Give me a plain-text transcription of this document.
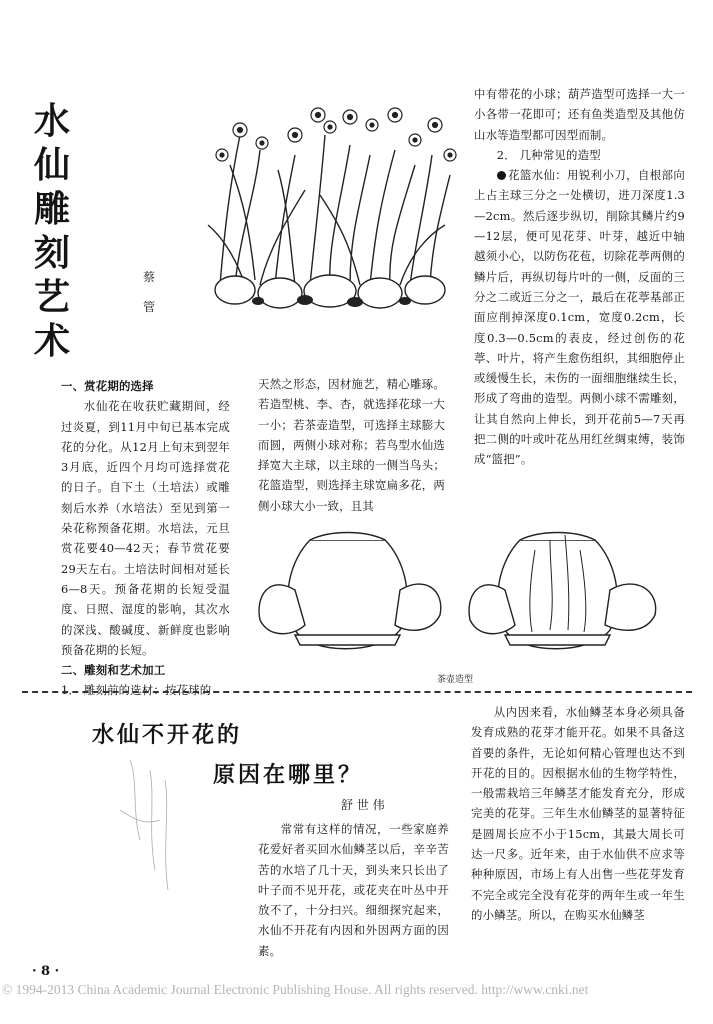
水
仙
雕
刻
艺
术
蔡
管

一、赏花期的选择

水仙花在收获贮藏期间，经过炎夏，到11月中旬已基本完成花的分化。从12月上旬末到翌年3月底，近四个月均可选择赏花的日子。自下土（土培法）或雕刻后水养（水培法）至见到第一朵花称预备花期。水培法，元旦赏花要40—42天；春节赏花要29天左右。土培法时间相对延长6—8天。预备花期的长短受温度、日照、湿度的影响，其次水的深浅、酸碱度、新鲜度也影响预备花期的长短。

二、雕刻和艺术加工

1． 雕刻前的选材：按花球的

天然之形态，因材施艺，精心雕琢。若造型桃、李、杏，就选择花球一大一小；若茶壶造型，可选择主球膨大而圆，两侧小球对称；若鸟型水仙选择宽大主球，以主球的一侧当鸟头；花篮造型，则选择主球宽扁多花，两侧小球大小一致，且其

茶壶造型

中有带花的小球；葫芦造型可选择一大一小各带一花即可；还有鱼类造型及其他仿山水等造型都可因型而制。

2． 几种常见的造型

花篮水仙：用锐利小刀，自根部向上占主球三分之一处横切，进刀深度1.3—2cm。然后逐步纵切，削除其鳞片约9—12层，便可见花芽、叶芽，越近中轴越须小心，以防伤花苞，切除花葶两侧的鳞片后，再纵切每片叶的一侧，反面的三分之二或近三分之一，最后在花葶基部正面应削掉深度0.1cm，宽度0.2cm，长度0.3—0.5cm的表皮，经过创伤的花葶、叶片，将产生愈伤组织，其细胞停止或缓慢生长，未伤的一面细胞继续生长，形成了弯曲的造型。两侧小球不需雕刻，让其自然向上伸长，到开花前5—7天再把二侧的叶或叶花丛用红丝绸束缚，装饰成“篮把”。

水仙不开花的
原因在哪里？
舒 世 伟

常常有这样的情况，一些家庭养花爱好者买回水仙鳞茎以后，辛辛苦苦的水培了几十天，到头来只长出了叶子而不见开花，或花夹在叶丛中开放不了，十分扫兴。细细探究起来，水仙不开花有内因和外因两方面的因素。

从内因来看，水仙鳞茎本身必须具备发育成熟的花芽才能开花。如果不具备这首要的条件，无论如何精心管理也达不到开花的目的。因根据水仙的生物学特性，一般需栽培三年鳞茎才能发育充分，形成完美的花芽。三年生水仙鳞茎的显著特征是圆周长应不小于15cm，其最大周长可达一尺多。近年来，由于水仙供不应求等种种原因，市场上有人出售一些花芽发育不完全或完全没有花芽的两年生或一年生的小鳞茎。所以，在购买水仙鳞茎

· 8 ·
© 1994-2013 China Academic Journal Electronic Publishing House. All rights reserved. http://www.cnki.net
